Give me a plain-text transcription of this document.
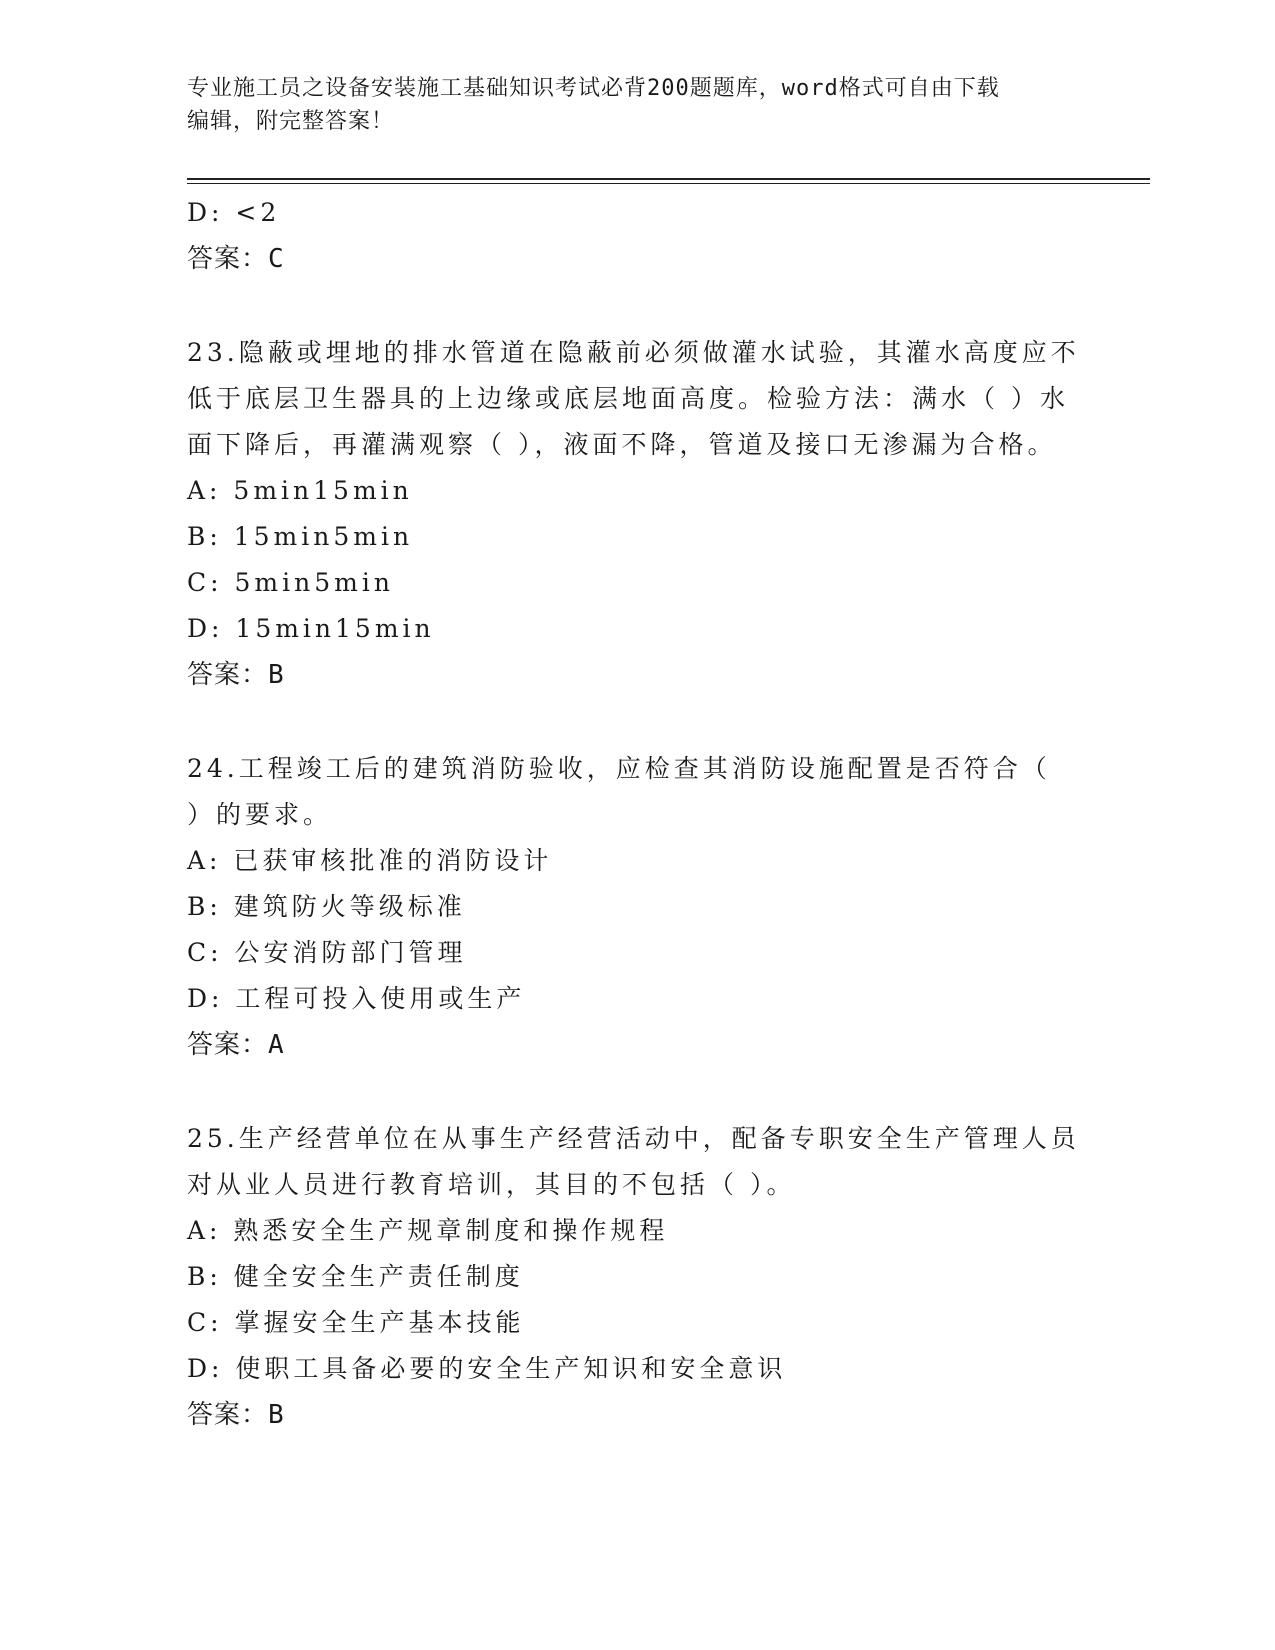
专业施工员之设备安装施工基础知识考试必背200题题库，word格式可自由下载
编辑，附完整答案！
D: <2
答案：C
23.隐蔽或埋地的排水管道在隐蔽前必须做灌水试验，其灌水高度应不
低于底层卫生器具的上边缘或底层地面高度。检验方法：满水（ ）水
面下降后，再灌满观察（ ），液面不降，管道及接口无渗漏为合格。
A: 5min15min
B: 15min5min
C: 5min5min
D: 15min15min
答案：B
24.工程竣工后的建筑消防验收，应检查其消防设施配置是否符合（
）的要求。
A: 已获审核批准的消防设计
B: 建筑防火等级标准
C: 公安消防部门管理
D: 工程可投入使用或生产
答案：A
25.生产经营单位在从事生产经营活动中，配备专职安全生产管理人员
对从业人员进行教育培训，其目的不包括（ ）。
A: 熟悉安全生产规章制度和操作规程
B: 健全安全生产责任制度
C: 掌握安全生产基本技能
D: 使职工具备必要的安全生产知识和安全意识
答案：B
